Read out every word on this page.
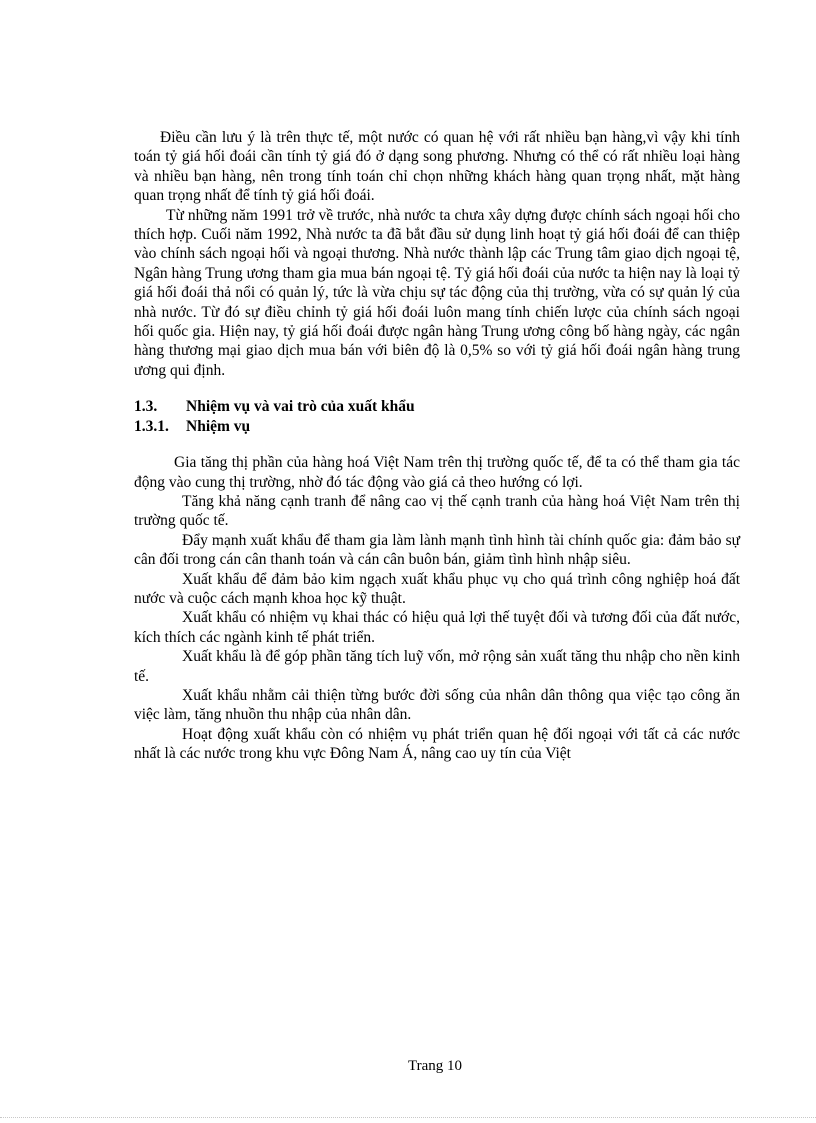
Điều cần lưu ý là trên thực tế, một nước có quan hệ với rất nhiều bạn hàng,vì vậy khi tính toán tỷ giá hối đoái cần tính tỷ giá đó ở dạng song phương. Nhưng có thể có rất nhiều loại hàng và nhiều bạn hàng, nên trong tính toán chỉ chọn những khách hàng quan trọng nhất, mặt hàng quan trọng nhất để tính tỷ giá hối đoái.

Từ những năm 1991 trở về trước, nhà nước ta chưa xây dựng được chính sách ngoại hối cho thích hợp. Cuối năm 1992, Nhà nước ta đã bắt đầu sử dụng linh hoạt tỷ giá hối đoái để can thiệp vào chính sách ngoại hối và ngoại thương. Nhà nước thành lập các Trung tâm giao dịch ngoại tệ, Ngân hàng Trung ương tham gia mua bán ngoại tệ. Tỷ giá hối đoái của nước ta hiện nay là loại tỷ giá hối đoái thả nổi có quản lý, tức là vừa chịu sự tác động của thị trường, vừa có sự quản lý của nhà nước. Từ đó sự điều chỉnh tỷ giá hối đoái luôn mang tính chiến lược của chính sách ngoại hối quốc gia. Hiện nay, tỷ giá hối đoái được ngân hàng Trung ương công bố hàng ngày, các ngân hàng thương mại giao dịch mua bán với biên độ là 0,5% so với tỷ giá hối đoái ngân hàng trung ương qui định.

1.3.	Nhiệm vụ và vai trò của xuất khẩu
1.3.1.	Nhiệm vụ

Gia tăng thị phần của hàng hoá Việt Nam trên thị trường quốc tế, để ta có thể tham gia tác động vào cung thị trường, nhờ đó tác động vào giá cả theo hướng có lợi.

Tăng khả năng cạnh tranh để nâng cao vị thế cạnh tranh của hàng hoá Việt Nam trên thị trường quốc tế.

Đẩy mạnh xuất khẩu để tham gia làm lành mạnh tình hình tài chính quốc gia: đảm bảo sự cân đối trong cán cân thanh toán và cán cân buôn bán, giảm tình hình nhập siêu.

Xuất khẩu để đảm bảo kim ngạch xuất khẩu phục vụ cho quá trình công nghiệp hoá đất nước và cuộc cách mạnh khoa học kỹ thuật.

Xuất khẩu có nhiệm vụ khai thác có hiệu quả lợi thế tuyệt đối và tương đối của đất nước, kích thích các ngành kinh tế phát triển.

Xuất khẩu là để góp phần tăng tích luỹ vốn, mở rộng sản xuất tăng thu nhập cho nền kinh tế.

Xuất khẩu nhằm cải thiện từng bước đời sống của nhân dân thông qua việc tạo công ăn việc làm, tăng nhuồn thu nhập của nhân dân.

Hoạt động xuất khẩu còn có nhiệm vụ phát triển quan hệ đối ngoại với tất cả các nước nhất là các nước trong khu vực Đông Nam Á, nâng cao uy tín của Việt

Trang 10
